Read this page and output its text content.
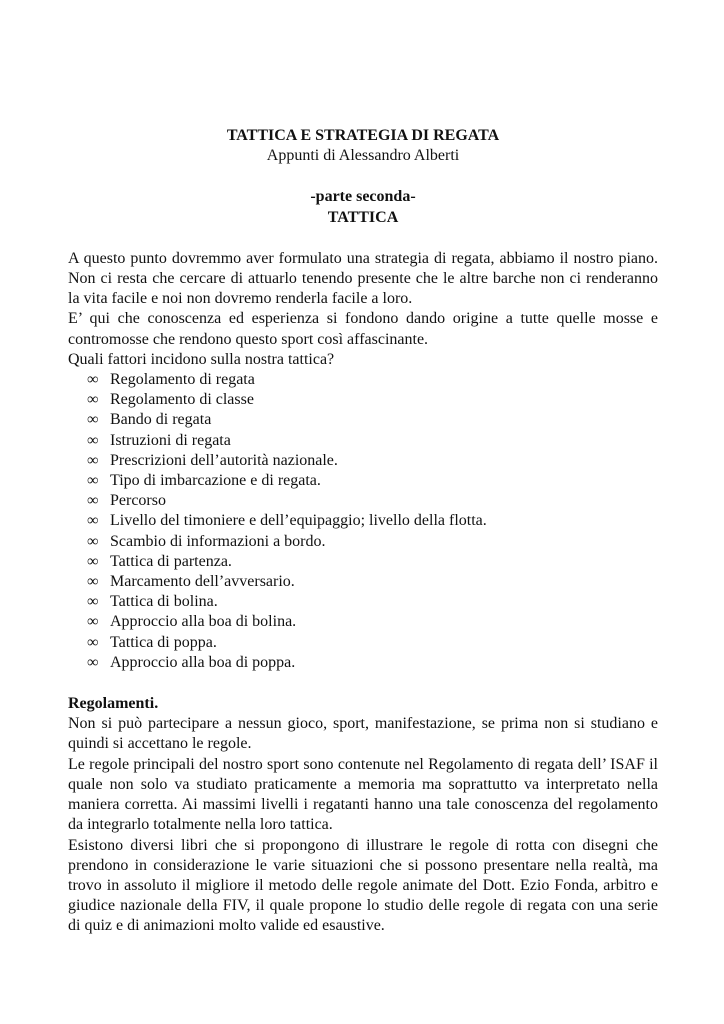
TATTICA E STRATEGIA DI REGATA
Appunti di Alessandro Alberti
-parte seconda-
TATTICA

A questo punto dovremmo aver formulato una strategia di regata, abbiamo il nostro piano. Non ci resta che cercare di attuarlo tenendo presente che le altre barche non ci renderanno la vita facile e noi non dovremo renderla facile a loro.

E’ qui che conoscenza ed esperienza si fondono dando origine a tutte quelle mosse e contromosse che rendono questo sport così affascinante.

Quali fattori incidono sulla nostra tattica?

∞ Regolamento di regata
∞ Regolamento di classe
∞ Bando di regata
∞ Istruzioni di regata
∞ Prescrizioni dell’autorità nazionale.
∞ Tipo di imbarcazione e di regata.
∞ Percorso
∞ Livello del timoniere e dell’equipaggio; livello della flotta.
∞ Scambio di informazioni a bordo.
∞ Tattica di partenza.
∞ Marcamento dell’avversario.
∞ Tattica di bolina.
∞ Approccio alla boa di bolina.
∞ Tattica di poppa.
∞ Approccio alla boa di poppa.
Regolamenti.

Non si può partecipare a nessun gioco, sport, manifestazione, se prima non si studiano e quindi si accettano le regole.

Le regole principali del nostro sport sono contenute nel Regolamento di regata dell’ ISAF il quale non solo va studiato praticamente a memoria ma soprattutto va interpretato nella maniera corretta. Ai massimi livelli i regatanti hanno una tale conoscenza del regolamento da integrarlo totalmente nella loro tattica.

Esistono diversi libri che si propongono di illustrare le regole di rotta con disegni che prendono in considerazione le varie situazioni che si possono presentare nella realtà, ma trovo in assoluto il migliore il metodo delle regole animate del Dott. Ezio Fonda, arbitro e giudice nazionale della FIV, il quale propone lo studio delle regole di regata con una serie di quiz e di animazioni molto valide ed esaustive.
